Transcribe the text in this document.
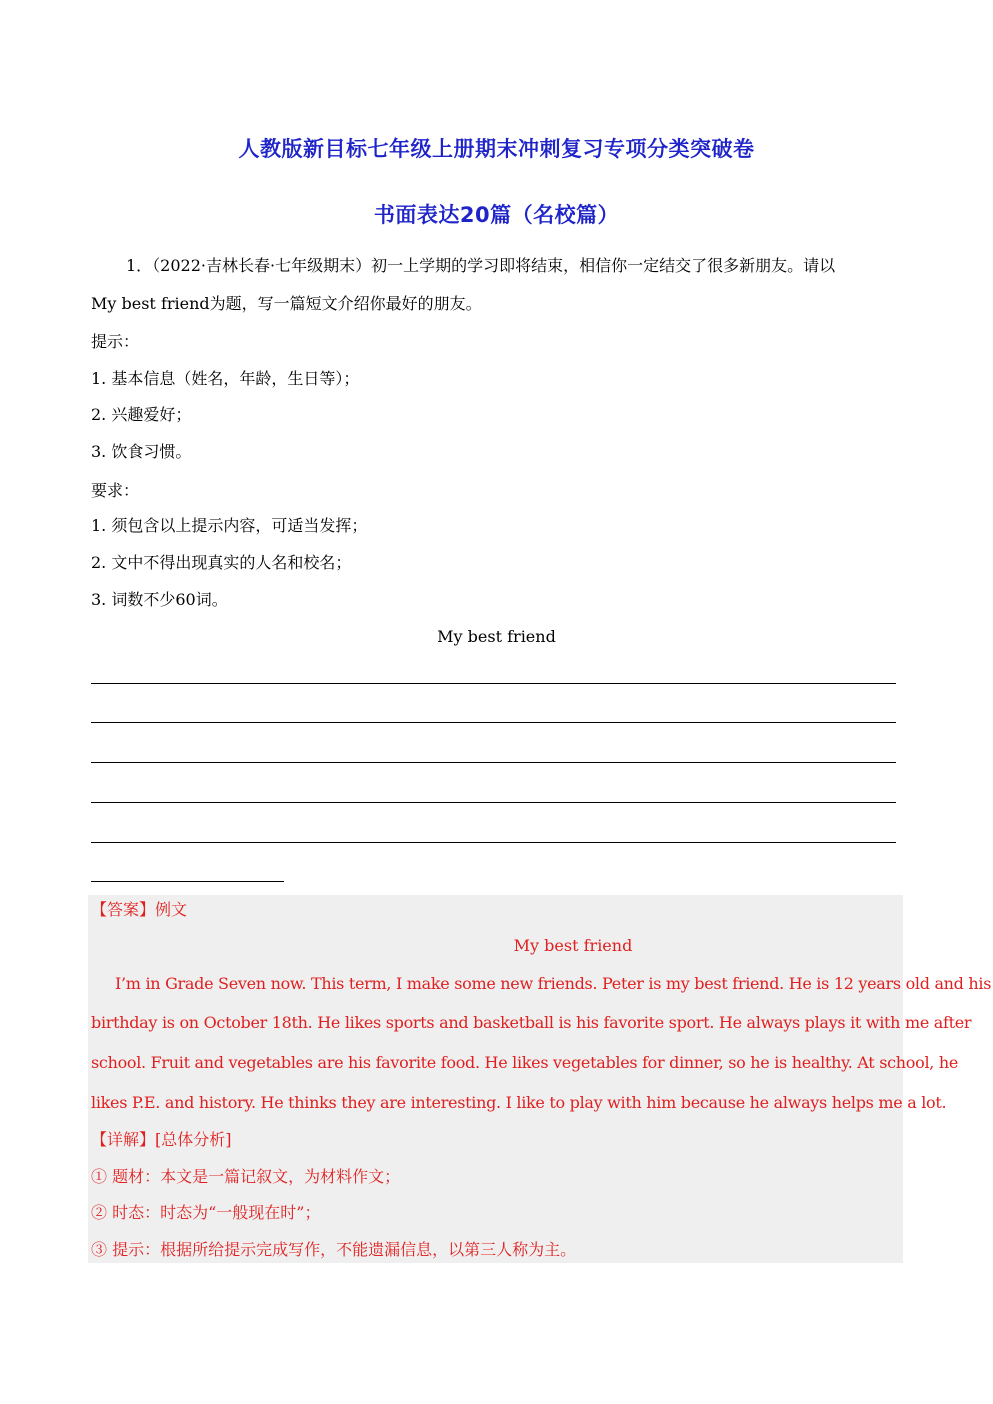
人教版新目标七年级上册期末冲刺复习专项分类突破卷
书面表达20篇（名校篇）
1．（2022·吉林长春·七年级期末）初一上学期的学习即将结束，相信你一定结交了很多新朋友。请以
My best friend为题，写一篇短文介绍你最好的朋友。
提示：
1. 基本信息（姓名，年龄，生日等）；
2. 兴趣爱好；
3. 饮食习惯。
要求：
1. 须包含以上提示内容，可适当发挥；
2. 文中不得出现真实的人名和校名；
3. 词数不少60词。
My best friend
【答案】例文
My best friend
I’m in Grade Seven now. This term, I make some new friends. Peter is my best friend. He is 12 years old and his
birthday is on October 18th. He likes sports and basketball is his favorite sport. He always plays it with me after
school. Fruit and vegetables are his favorite food. He likes vegetables for dinner, so he is healthy. At school, he
likes P.E. and history. He thinks they are interesting. I like to play with him because he always helps me a lot.
【详解】[总体分析]
① 题材：本文是一篇记叙文，为材料作文；
② 时态：时态为“一般现在时”；
③ 提示：根据所给提示完成写作，不能遗漏信息，以第三人称为主。
